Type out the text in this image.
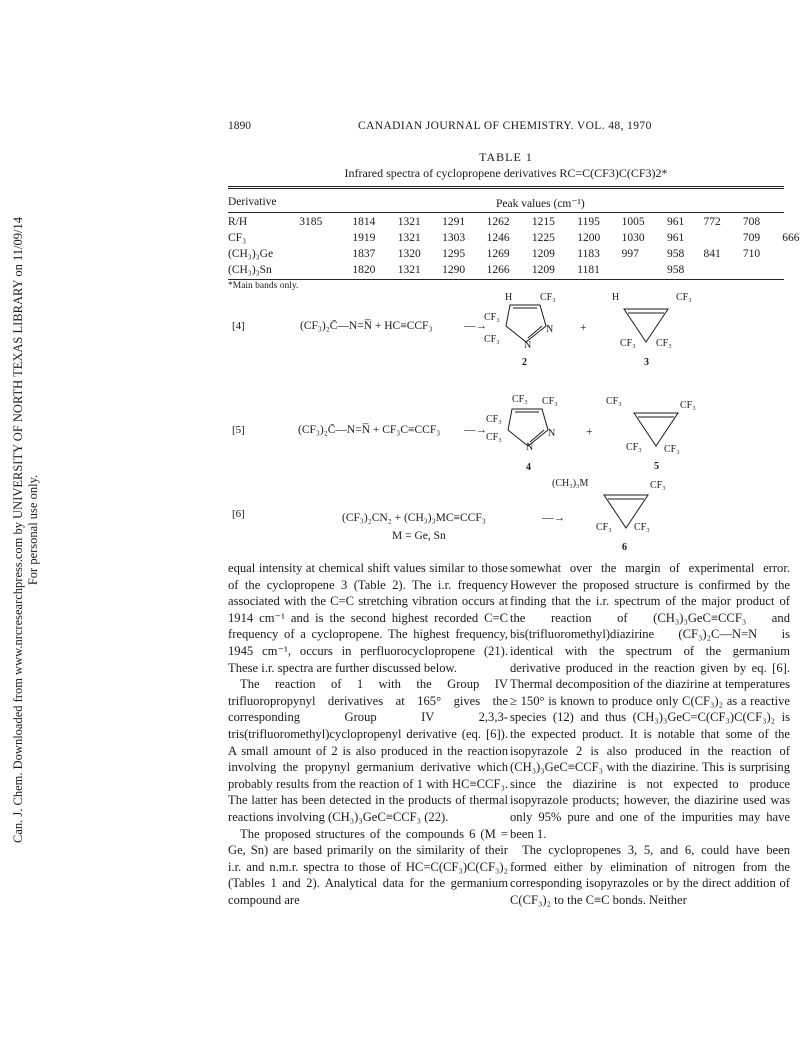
Can. J. Chem. Downloaded from www.nrcresearchpress.com by UNIVERSITY OF NORTH TEXAS LIBRARY on 11/09/14 For personal use only.
1890	CANADIAN JOURNAL OF CHEMISTRY. VOL. 48, 1970
TABLE 1
Infrared spectra of cyclopropene derivatives RC=C(CF3)C(CF3)2*
Derivative	Peak values (cm⁻¹)
R/H	3185	1814	1321	1291	1262	1215	1195	1005	961	772	708	
CF₃		1919	1321	1303	1246	1225	1200	1030	961		709	666
(CH₃)₃Ge		1837	1320	1295	1269	1209	1183	997	958	841	710	
(CH₃)₃Sn		1820	1321	1290	1266	1209	1181		958			
*Main bands only.
[4]	(CF₃)₂C̄—N=N̅ + HC≡CCF₃	—→	+
H	CF₃
CF₃
CF₃
N
N
2
H	CF₃
CF₃ CF₃
3
[5]	(CF₃)₂C̄—N=N̅ + CF₃C≡CCF₃ —→	+
CF₃ CF₃
CF₃
CF₃	N
N
4
CF₃	CF₃
CF₃ CF₃
5
[6]	(CF₃)₂CN₂ + (CH₃)₃MC≡CCF₃
M = Ge, Sn
—→
(CH₃)₃M	CF₃
CF₃ CF₃
6

equal intensity at chemical shift values similar to those of the cyclopropene 3 (Table 2). The i.r. frequency associated with the C=C stretching vibration occurs at 1914 cm⁻¹ and is the second highest recorded C=C frequency of a cyclopropene. The highest frequency, 1945 cm⁻¹, occurs in perfluorocyclopropene (21). These i.r. spectra are further discussed below.

The reaction of 1 with the Group IV trifluoropropynyl derivatives at 165° gives the corresponding Group IV 2,3,3-tris(trifluoromethyl)cyclopropenyl derivative (eq. [6]). A small amount of 2 is also produced in the reaction involving the propynyl germanium derivative which probably results from the reaction of 1 with HC≡CCF₃. The latter has been detected in the products of thermal reactions involving (CH₃)₃GeC≡CCF₃ (22).

The proposed structures of the compounds 6 (M = Ge, Sn) are based primarily on the similarity of their i.r. and n.m.r. spectra to those of HC=C(CF₃)C(CF₃)₂ (Tables 1 and 2). Analytical data for the germanium compound are

somewhat over the margin of experimental error. However the proposed structure is confirmed by the finding that the i.r. spectrum of the major product of the reaction of (CH₃)₃GeC≡CCF₃ and bis(trifluoromethyl)diazirine (CF₃)₂C—N=N is identical with the spectrum of the germanium derivative produced in the reaction given by eq. [6]. Thermal decomposition of the diazirine at temperatures ≥ 150° is known to produce only C(CF₃)₂ as a reactive species (12) and thus (CH₃)₃GeC=C(CF₃)C(CF₃)₂ is the expected product. It is notable that some of the isopyrazole 2 is also produced in the reaction of (CH₃)₃GeC≡CCF₃ with the diazirine. This is surprising since the diazirine is not expected to produce isopyrazole products; however, the diazirine used was only 95% pure and one of the impurities may have been 1.

The cyclopropenes 3, 5, and 6, could have been formed either by elimination of nitrogen from the corresponding isopyrazoles or by the direct addition of C(CF₃)₂ to the C≡C bonds. Neither
